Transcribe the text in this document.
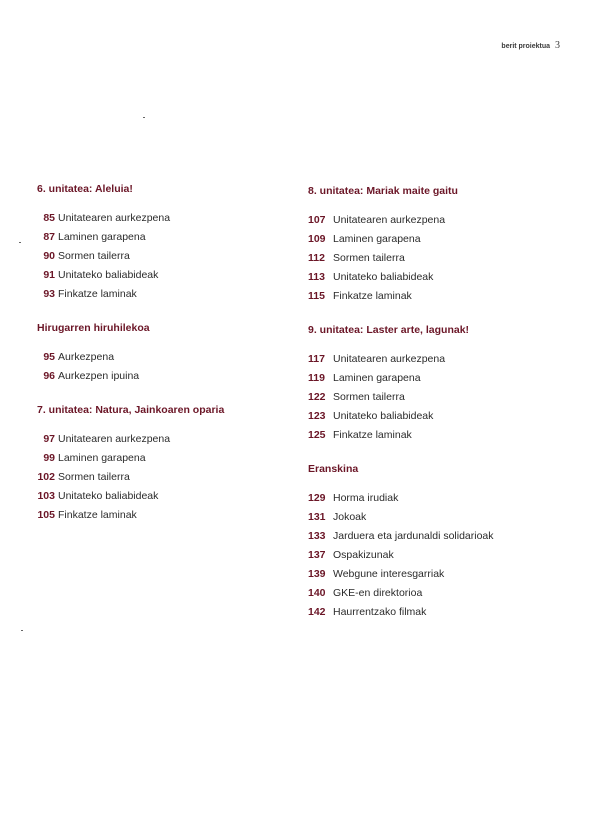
berit proiektua 3
6. unitatea: Aleluia!
85 Unitatearen aurkezpena
87 Laminen garapena
90 Sormen tailerra
91 Unitateko baliabideak
93 Finkatze laminak
Hirugarren hiruhilekoa
95 Aurkezpena
96 Aurkezpen ipuina
7. unitatea: Natura, Jainkoaren oparia
97 Unitatearen aurkezpena
99 Laminen garapena
102 Sormen tailerra
103 Unitateko baliabideak
105 Finkatze laminak
8. unitatea: Mariak maite gaitu
107 Unitatearen aurkezpena
109 Laminen garapena
112 Sormen tailerra
113 Unitateko baliabideak
115 Finkatze laminak
9. unitatea: Laster arte, lagunak!
117 Unitatearen aurkezpena
119 Laminen garapena
122 Sormen tailerra
123 Unitateko baliabideak
125 Finkatze laminak
Eranskina
129 Horma irudiak
131 Jokoak
133 Jarduera eta jardunaldi solidarioak
137 Ospakizunak
139 Webgune interesgarriak
140 GKE-en direktorioa
142 Haurrentzako filmak
